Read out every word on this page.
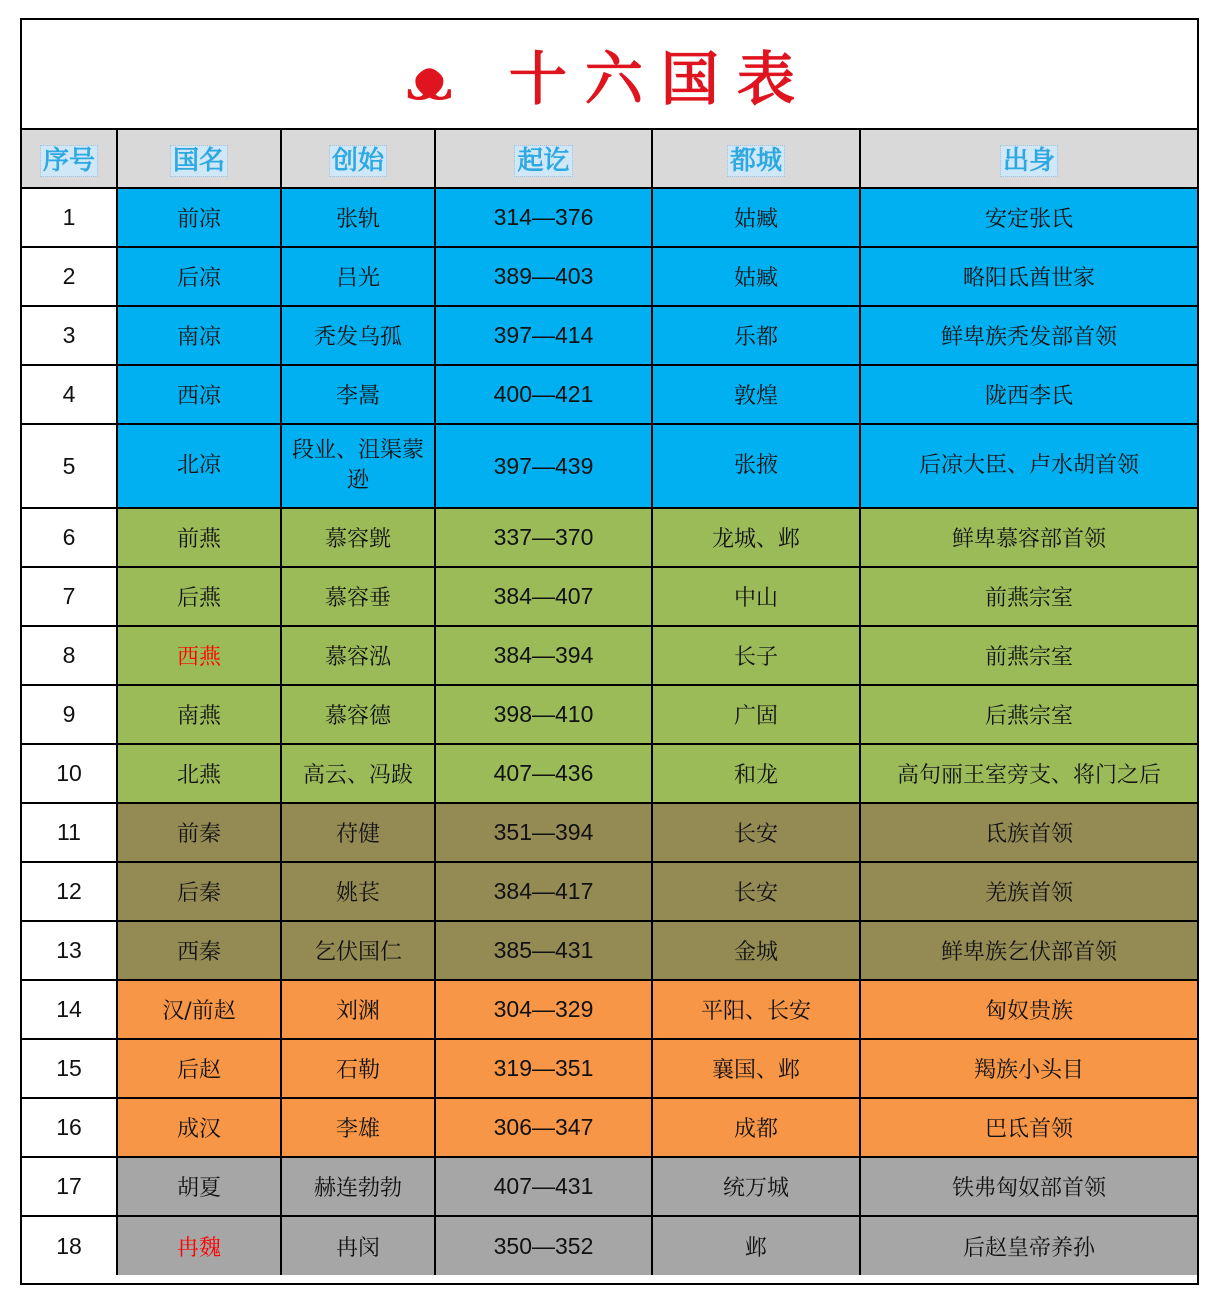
ᴥ 十六国表
序号	国名	创始	起讫	都城	出身
1	前凉	张轨	314—376	姑臧	安定张氏
2	后凉	吕光	389—403	姑臧	略阳氐酋世家
3	南凉	秃发乌孤	397—414	乐都	鲜卑族秃发部首领
4	西凉	李暠	400—421	敦煌	陇西李氏
5	北凉	段业、沮渠蒙逊	397—439	张掖	后凉大臣、卢水胡首领
6	前燕	慕容皝	337—370	龙城、邺	鲜卑慕容部首领
7	后燕	慕容垂	384—407	中山	前燕宗室
8	西燕	慕容泓	384—394	长子	前燕宗室
9	南燕	慕容德	398—410	广固	后燕宗室
10	北燕	高云、冯跋	407—436	和龙	高句丽王室旁支、将门之后
11	前秦	苻健	351—394	长安	氐族首领
12	后秦	姚苌	384—417	长安	羌族首领
13	西秦	乞伏国仁	385—431	金城	鲜卑族乞伏部首领
14	汉/前赵	刘渊	304—329	平阳、长安	匈奴贵族
15	后赵	石勒	319—351	襄国、邺	羯族小头目
16	成汉	李雄	306—347	成都	巴氐首领
17	胡夏	赫连勃勃	407—431	统万城	铁弗匈奴部首领
18	冉魏	冉闵	350—352	邺	后赵皇帝养孙
